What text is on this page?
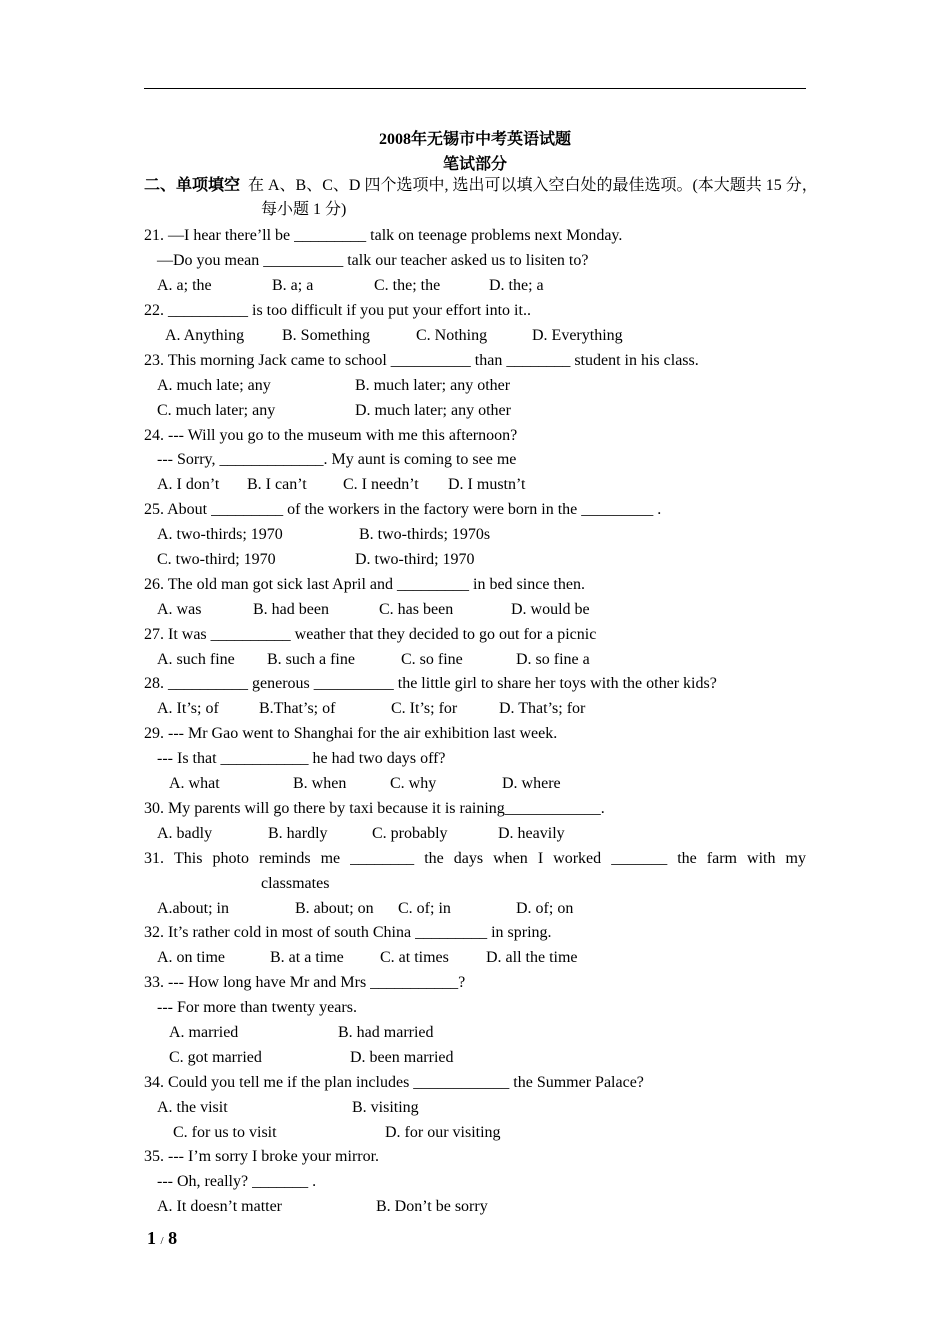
2008年无锡市中考英语试题
笔试部分
二、单项填空 在 A、B、C、D 四个选项中, 选出可以填入空白处的最佳选项。(本大题共 15 分，
每小题 1 分)
21. —I hear there’ll be _________ talk on teenage problems next Monday.
—Do you mean __________ talk our teacher asked us to lisiten to?
A. a; the	B. a; a	C. the; the	D. the; a
22. __________ is too difficult if you put your effort into it..
A. Anything B. Something	C. Nothing	D. Everything
23. This morning Jack came to school __________ than ________ student in his class.
A. much late; any	B. much later; any other
C. much later; any	D. much later; any other
24. --- Will you go to the museum with me this afternoon?
--- Sorry, _____________. My aunt is coming to see me
A. I don’t B. I can’t C. I needn’t D. I mustn’t
25. About _________ of the workers in the factory were born in the _________ .
A. two-thirds; 1970	B. two-thirds; 1970s
C. two-third; 1970	D. two-third; 1970
26. The old man got sick last April and _________ in bed since then.
A. was	B. had been	C. has been	D. would be
27. It was __________ weather that they decided to go out for a picnic
A. such fine B. such a fine	C. so fine	D. so fine a
28. __________ generous __________ the little girl to share her toys with the other kids?
A. It’s; of	B.That’s; of	C. It’s; for	D. That’s; for
29. --- Mr Gao went to Shanghai for the air exhibition last week.
--- Is that ___________ he had two days off?
A. what	B. when	C. why	D. where
30. My parents will go there by taxi because it is raining____________.
A. badly	B. hardly	C. probably	D. heavily
31. This photo reminds me ________ the days when I worked _______ the farm with my
classmates
A.about; in	B. about; on C. of; in	D. of; on
32. It’s rather cold in most of south China _________ in spring.
A. on time	B. at a time C. at times D. all the time
33. --- How long have Mr and Mrs ___________?
--- For more than twenty years.
A. married	B. had married
C. got married	D. been married
34. Could you tell me if the plan includes ____________ the Summer Palace?
A. the visit	B. visiting
C. for us to visit	D. for our visiting
35. --- I’m sorry I broke your mirror.
--- Oh, really? _______ .
A. It doesn’t matter	B. Don’t be sorry
1 / 8
